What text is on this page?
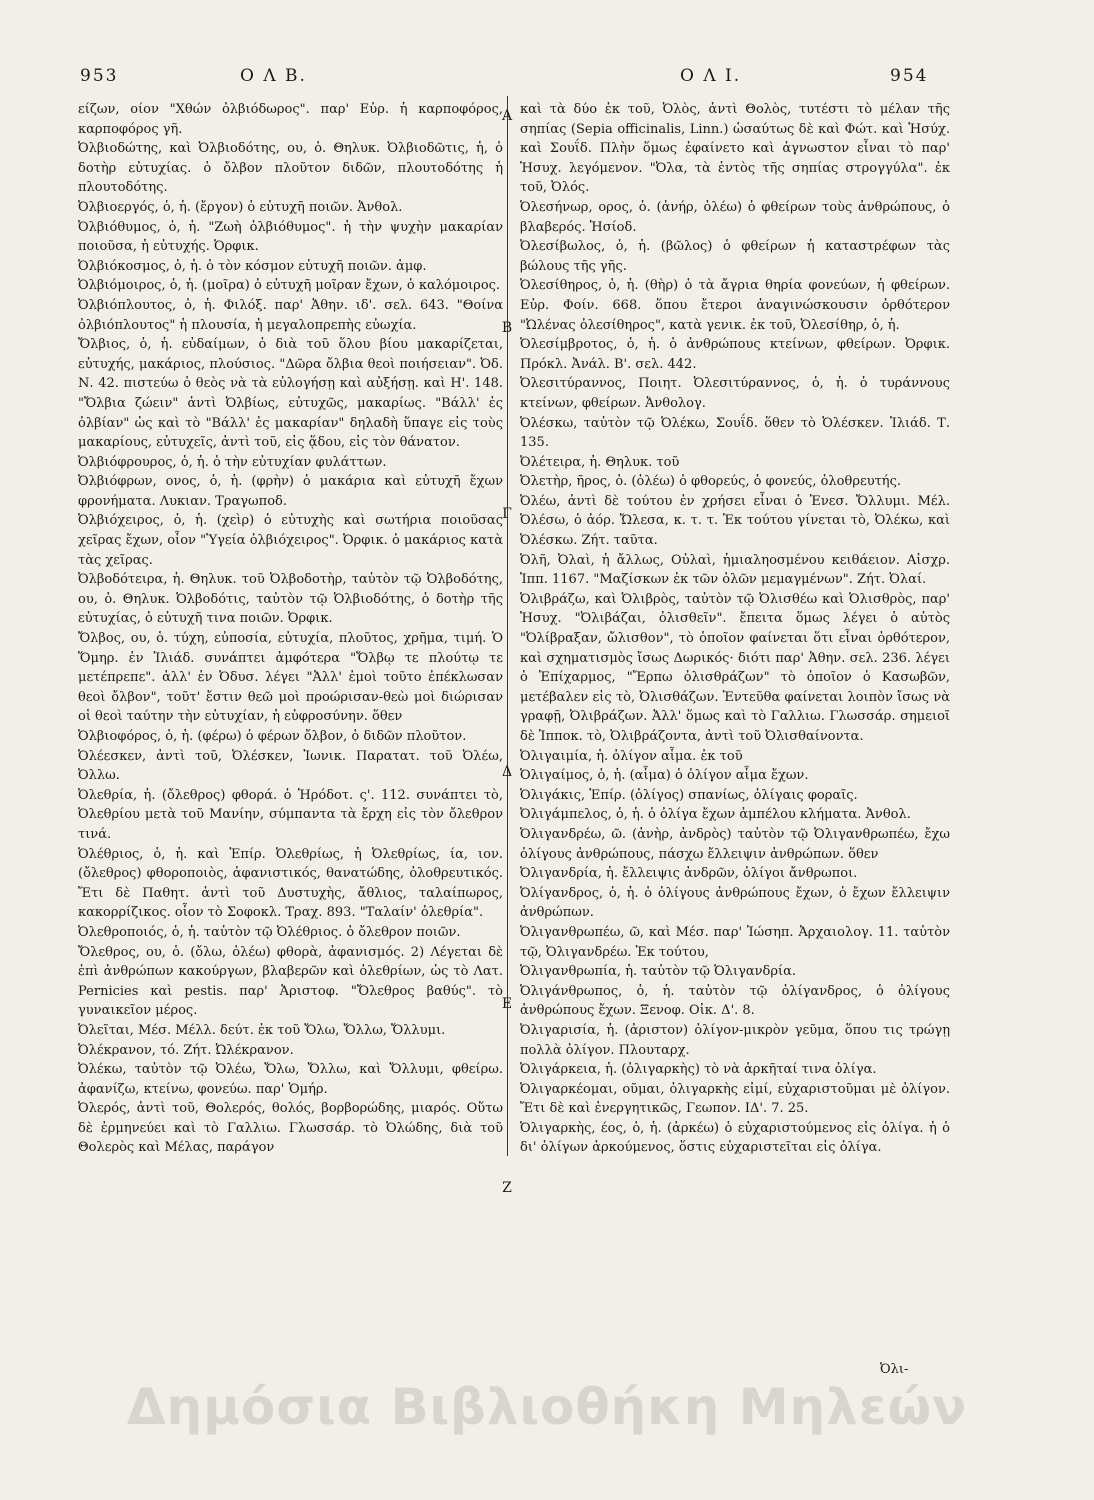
953	Ο Λ Β.	Ο Λ Ι.	954

είζων, οίον "Χθών ὀλβιόδωρος". παρ' Εὐρ. ἡ καρποφόρος, καρποφόρος γῆ.

Ὀλβιοδώτης, καὶ Ὀλβιοδότης, ου, ὁ. Θηλυκ. Ὀλβιοδῶτις, ἡ, ὁ δοτὴρ εὐτυχίας. ὁ ὄλβον πλοῦτον διδῶν, πλουτοδότης ἡ πλουτοδότης.

Ὀλβιοεργός, ὁ, ἡ. (ἔργον) ὁ εὐτυχῆ ποιῶν. Ἀνθολ.

Ὀλβιόθυμος, ὁ, ἡ. "Ζωὴ ὀλβιόθυμος". ἡ τὴν ψυχὴν μακαρίαν ποιοῦσα, ἡ εὐτυχής. Ὀρφικ.

Ὀλβιόκοσμος, ὁ, ἡ. ὁ τὸν κόσμον εὐτυχῆ ποιῶν. ἀμφ.

Ὀλβιόμοιρος, ὁ, ἡ. (μοῖρα) ὁ εὐτυχῆ μοῖραν ἔχων, ὁ καλόμοιρος.

Ὀλβιόπλουτος, ὁ, ἡ. Φιλόξ. παρ' Ἀθην. ιδ'. σελ. 643. "Θοίνα ὀλβιόπλουτος" ἡ πλουσία, ἡ μεγαλοπρεπὴς εὐωχία.

Ὄλβιος, ὁ, ἡ. εὐδαίμων, ὁ διὰ τοῦ ὅλου βίου μακαρίζεται, εὐτυχής, μακάριος, πλούσιος. "Δῶρα ὄλβια θεοὶ ποιήσειαν". Ὀδ. Ν. 42. πιστεύω ὁ θεὸς νὰ τὰ εὐλογήσῃ καὶ αὐξήσῃ. καὶ Η'. 148. "Ὄλβια ζώειν" ἀντὶ Ὀλβίως, εὐτυχῶς, μακαρίως. "Βάλλ' ἐς ὀλβίαν" ὡς καὶ τὸ "Βάλλ' ἐς μακαρίαν" δηλαδὴ ὕπαγε εἰς τοὺς μακαρίους, εὐτυχεῖς, ἀντὶ τοῦ, εἰς ᾅδου, εἰς τὸν θάνατον.

Ὀλβιόφρουρος, ὁ, ἡ. ὁ τὴν εὐτυχίαν φυλάττων.

Ὀλβιόφρων, ονος, ὁ, ἡ. (φρὴν) ὁ μακάρια καὶ εὐτυχῆ ἔχων φρονήματα. Λυκιαν. Τραγωποδ.

Ὀλβιόχειρος, ὁ, ἡ. (χεὶρ) ὁ εὐτυχὴς καὶ σωτήρια ποιοῦσας χεῖρας ἔχων, οἷον "Ὑγεία ὀλβιόχειρος". Ὀρφικ. ὁ μακάριος κατὰ τὰς χεῖρας.

Ὀλβοδότειρα, ἡ. Θηλυκ. τοῦ Ὀλβοδοτὴρ, ταὐτὸν τῷ Ὀλβοδότης, ου, ὁ. Θηλυκ. Ὀλβοδότις, ταὐτὸν τῷ Ὀλβιοδότης, ὁ δοτὴρ τῆς εὐτυχίας, ὁ εὐτυχῆ τινα ποιῶν. Ὀρφικ.

Ὄλβος, ου, ὁ. τύχη, εὐποσία, εὐτυχία, πλοῦτος, χρῆμα, τιμή. Ὁ Ὅμηρ. ἐν Ἰλιάδ. συνάπτει ἀμφότερα "Ὄλβῳ τε πλούτῳ τε μετέπρεπε". ἀλλ' ἐν Ὀδυσ. λέγει "Ἀλλ' ἐμοὶ τοῦτο ἐπέκλωσαν θεοὶ ὄλβον", τοῦτ' ἔστιν θεῶ μοὶ προώρισαν-θεὼ μοὶ διώρισαν οἱ θεοὶ ταύτην τὴν εὐτυχίαν, ἡ εὐφροσύνην. ὅθεν

Ὀλβιοφόρος, ὁ, ἡ. (φέρω) ὁ φέρων ὄλβον, ὁ διδῶν πλοῦτον.

Ὀλέεσκεν, ἀντὶ τοῦ, Ὀλέσκεν, Ἰωνικ. Παρατατ. τοῦ Ὀλέω, Ὀλλω.

Ὀλεθρία, ἡ. (ὄλεθρος) φθορά. ὁ Ἡρόδοτ. ς'. 112. συνάπτει τὸ, Ὀλεθρίου μετὰ τοῦ Μανίην, σύμπαντα τὰ ἔρχη εἰς τὸν ὄλεθρον τινά.

Ὀλέθριος, ὁ, ἡ. καὶ Ἐπίρ. Ὀλεθρίως, ἡ Ὀλεθρίως, ία, ιον. (ὄλεθρος) φθοροποιὸς, ἀφανιστικός, θανατώδης, ὀλοθρευτικός. Ἔτι δὲ Παθητ. ἀντὶ τοῦ Δυστυχὴς, ἄθλιος, ταλαίπωρος, κακορρίζικος. οἷον τὸ Σοφοκλ. Τραχ. 893. "Ταλαίν' ὀλεθρία".

Ὀλεθροποιός, ὁ, ἡ. ταὐτὸν τῷ Ὀλέθριος. ὁ ὄλεθρον ποιῶν.

Ὄλεθρος, ου, ὁ. (ὄλω, ὀλέω) φθορὰ, ἀφανισμός. 2) Λέγεται δὲ ἐπὶ ἀνθρώπων κακούργων, βλαβερῶν καὶ ὀλεθρίων, ὡς τὸ Λατ. Pernicies καὶ pestis. παρ' Ἀριστοφ. "Ὄλεθρος βαθύς". τὸ γυναικεῖον μέρος.

Ὀλεῖται, Μέσ. Μέλλ. δεύτ. ἐκ τοῦ Ὄλω, Ὄλλω, Ὄλλυμι.

Ὀλέκρανον, τό. Ζήτ. Ὠλέκρανον.

Ὀλέκω, ταὐτὸν τῷ Ὀλέω, Ὄλω, Ὄλλω, καὶ Ὄλλυμι, φθείρω. ἀφανίζω, κτείνω, φονεύω. παρ' Ὁμήρ.

Ὀλερός, ἀντὶ τοῦ, Θολερός, θολός, βορβορώδης, μιαρός. Οὕτω δὲ ἐρμηνεύει καὶ τὸ Γαλλιω. Γλωσσάρ. τὸ Ὀλώδης, διὰ τοῦ Θολερὸς καὶ Μέλας, παράγον

Α
Β
Γ
Δ
Ε
Ζ

καὶ τὰ δύο ἐκ τοῦ, Ὀλὸς, ἀντὶ Θολὸς, τυτέστι τὸ μέλαν τῆς σηπίας (Sepia officinalis, Linn.) ὡσαύτως δὲ καὶ Φώτ. καὶ Ἡσύχ. καὶ Σουΐδ. Πλὴν ὅμως ἐφαίνετο καὶ ἀγνωστον εἶναι τὸ παρ' Ἡσυχ. λεγόμενον. "Ὀλα, τὰ ἐντὸς τῆς σηπίας στρογγύλα". ἐκ τοῦ, Ὀλός.

Ὀλεσήνωρ, ορος, ὁ. (ἀνήρ, ὀλέω) ὁ φθείρων τοὺς ἀνθρώπους, ὁ βλαβερός. Ἡσίοδ.

Ὀλεσίβωλος, ὁ, ἡ. (βῶλος) ὁ φθείρων ἡ καταστρέφων τὰς βώλους τῆς γῆς.

Ὀλεσίθηρος, ὁ, ἡ. (θὴρ) ὁ τὰ ἄγρια θηρία φονεύων, ἡ φθείρων. Εὐρ. Φοίν. 668. ὅπου ἔτεροι ἀναγινώσκουσιν ὀρθότερον "Ὠλένας ὀλεσίθηρος", κατὰ γενικ. ἐκ τοῦ, Ὀλεσίθηρ, ὁ, ἡ.

Ὀλεσίμβροτος, ὁ, ἡ. ὁ ἀνθρώπους κτείνων, φθείρων. Ὀρφικ. Πρόκλ. Ἀνάλ. Β'. σελ. 442.

Ὀλεσιτύραννος, Ποιητ. Ὀλεσιτύραννος, ὁ, ἡ. ὁ τυράννους κτείνων, φθείρων. Ἀνθολογ.

Ὀλέσκω, ταὐτὸν τῷ Ὀλέκω, Σουΐδ. ὅθεν τὸ Ὀλέσκεν. Ἰλιάδ. Τ. 135.

Ὀλέτειρα, ἡ. Θηλυκ. τοῦ

Ὀλετὴρ, ῆρος, ὁ. (ὀλέω) ὁ φθορεύς, ὁ φονεύς, ὀλοθρευτής.

Ὀλέω, ἀντὶ δὲ τούτου ἐν χρήσει εἶναι ὁ Ἐνεσ. Ὄλλυμι. Μέλ. Ὀλέσω, ὁ ἀόρ. Ὤλεσα, κ. τ. τ. Ἐκ τούτου γίνεται τὸ, Ὀλέκω, καὶ Ὀλέσκω. Ζήτ. ταῦτα.

Ὀλῆ, Ὀλαὶ, ἡ ἄλλως, Οὐλαὶ, ἡμιαληοσμένου κειθάειον. Αἰσχρ. Ἱππ. 1167. "Μαζίσκων ἐκ τῶν ὀλῶν μεμαγμένων". Ζήτ. Ὀλαί.

Ὀλιβράζω, καὶ Ὀλιβρὸς, ταὐτὸν τῷ Ὀλισθέω καὶ Ὀλισθρὸς, παρ' Ἡσυχ. "Ὀλιβάζαι, ὀλισθεῖν". ἔπειτα ὅμως λέγει ὁ αὐτὸς "Ὀλίβραξαν, ὤλισθον", τὸ ὁποῖον φαίνεται ὅτι εἶναι ὀρθότερον, καὶ σχηματισμὸς ἴσως Δωρικός· διότι παρ' Ἀθην. σελ. 236. λέγει ὁ Ἐπίχαρμος, "Ἔρπω ὀλισθράζων" τὸ ὁποῖον ὁ Κασωβῶν, μετέβαλεν εἰς τὸ, Ὀλισθάζων. Ἐντεῦθα φαίνεται λοιπὸν ἴσως νὰ γραφῇ, Ὀλιβράζων. Ἀλλ' ὅμως καὶ τὸ Γαλλιω. Γλωσσάρ. σημειοῖ δὲ Ἱπποκ. τὸ, Ὀλιβράζοντα, ἀντὶ τοῦ Ὀλισθαίνοντα.

Ὀλιγαιμία, ἡ. ὀλίγον αἷμα. ἐκ τοῦ

Ὀλιγαίμος, ὁ, ἡ. (αἷμα) ὁ ὀλίγον αἷμα ἔχων.

Ὀλιγάκις, Ἐπίρ. (ὀλίγος) σπανίως, ὀλίγαις φοραῖς.

Ὀλιγάμπελος, ὁ, ἡ. ὁ ὀλίγα ἔχων ἀμπέλου κλήματα. Ἀνθολ.

Ὀλιγανδρέω, ῶ. (ἀνὴρ, ἀνδρὸς) ταὐτὸν τῷ Ὀλιγανθρωπέω, ἔχω ὀλίγους ἀνθρώπους, πάσχω ἔλλειψιν ἀνθρώπων. ὅθεν

Ὀλιγανδρία, ἡ. ἔλλειψις ἀνδρῶν, ὀλίγοι ἄνθρωποι.

Ὀλίγανδρος, ὁ, ἡ. ὁ ὀλίγους ἀνθρώπους ἔχων, ὁ ἔχων ἔλλειψιν ἀνθρώπων.

Ὀλιγανθρωπέω, ῶ, καὶ Μέσ. παρ' Ἰώσηπ. Ἀρχαιολογ. 11. ταὐτὸν τῷ, Ὀλιγανδρέω. Ἐκ τούτου,

Ὀλιγανθρωπία, ἡ. ταὐτὸν τῷ Ὀλιγανδρία.

Ὀλιγάνθρωπος, ὁ, ἡ. ταὐτὸν τῷ ὀλίγανδρος, ὁ ὀλίγους ἀνθρώπους ἔχων. Ξενοφ. Οἰκ. Δ'. 8.

Ὀλιγαρισία, ἡ. (ἀριστον) ὀλίγον-μικρὸν γεῦμα, ὅπου τις τρώγῃ πολλὰ ὀλίγον. Πλουταρχ.

Ὀλιγάρκεια, ἡ. (ὀλιγαρκὴς) τὸ νὰ ἀρκῆταί τινα ὀλίγα.

Ὀλιγαρκέομαι, οῦμαι, ὀλιγαρκὴς εἰμί, εὐχαριστοῦμαι μὲ ὀλίγον. Ἔτι δὲ καὶ ἐνεργητικῶς, Γεωπον. ΙΔ'. 7. 25.

Ὀλιγαρκὴς, έος, ὁ, ἡ. (ἀρκέω) ὁ εὐχαριστούμενος εἰς ὀλίγα. ἡ ὁ δι' ὀλίγων ἀρκούμενος, ὅστις εὐχαριστεῖται εἰς ὀλίγα.

Ὀλι-
Δημόσια Βιβλιοθήκη Μηλεών
